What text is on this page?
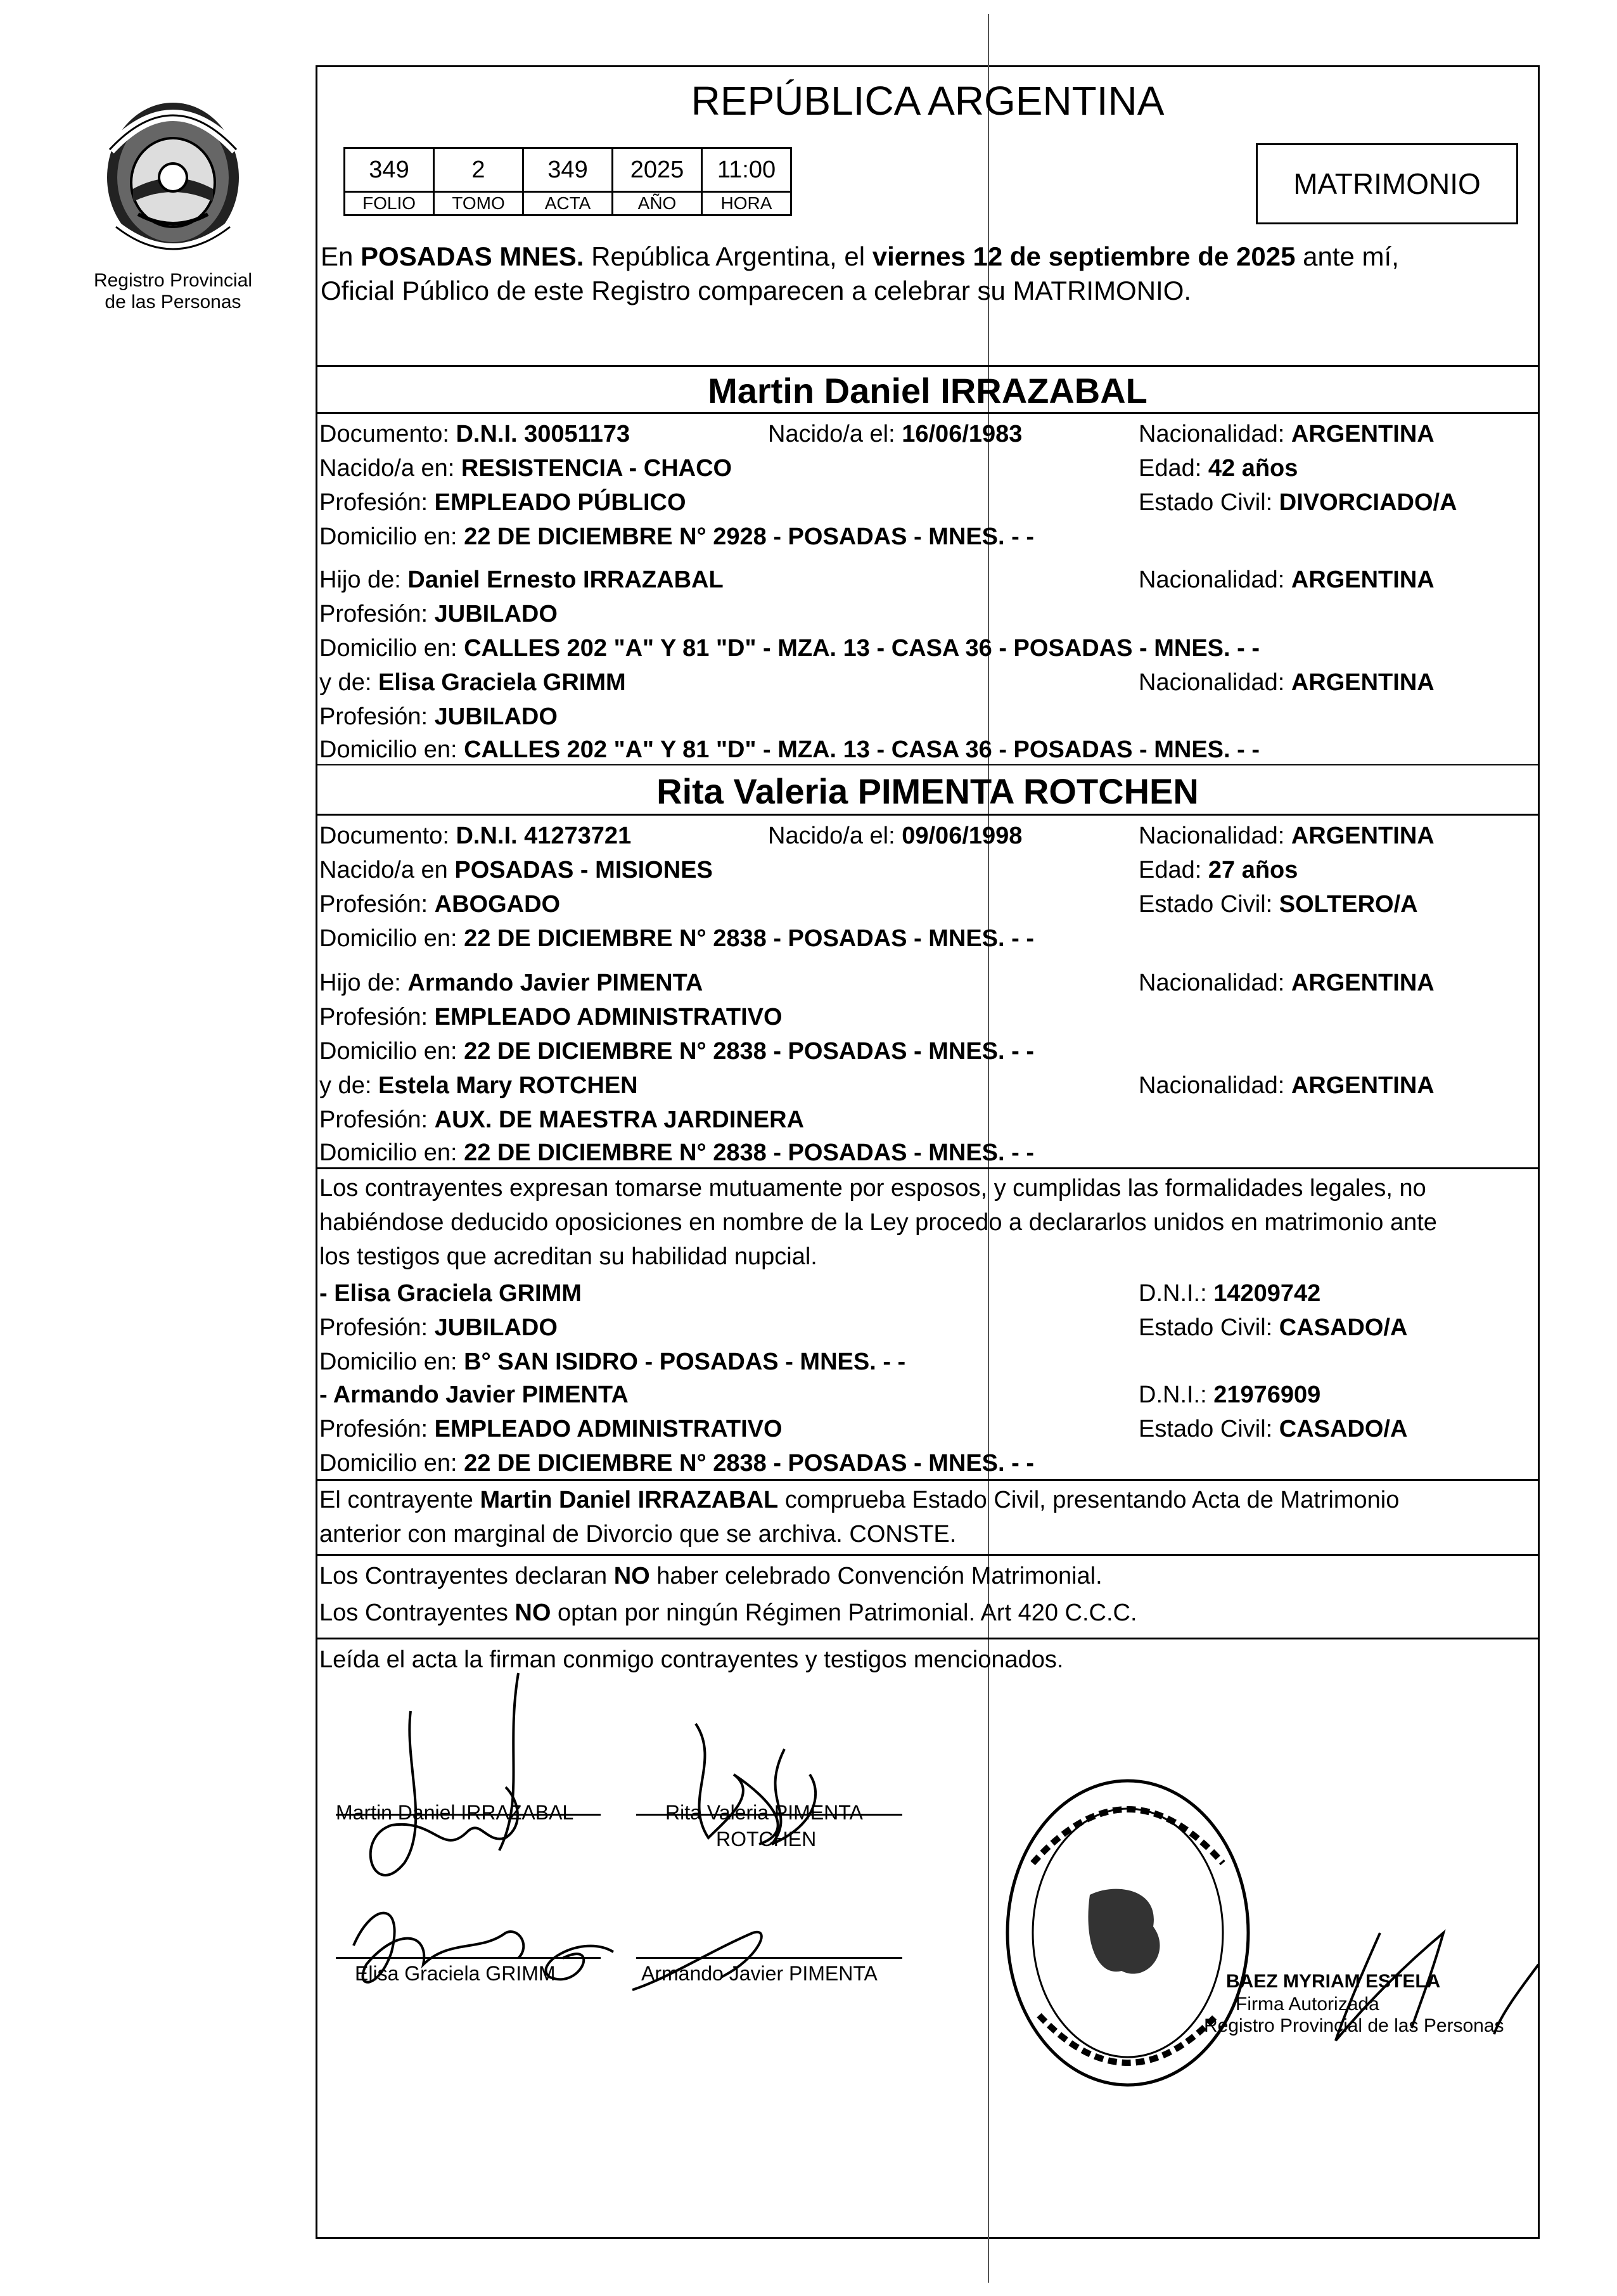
Registro Provincial
de las Personas
REPÚBLICA ARGENTINA
349	2	349	2025	11:00
FOLIO	TOMO	ACTA	AÑO	HORA
MATRIMONIO
En POSADAS MNES. República Argentina, el viernes 12 de septiembre de 2025 ante mí,
Oficial Público de este Registro comparecen a celebrar su MATRIMONIO.
Martin Daniel IRRAZABAL
Documento: D.N.I. 30051173	Nacido/a el: 16/06/1983	Nacionalidad: ARGENTINA
Nacido/a en: RESISTENCIA - CHACO	Edad: 42 años
Profesión: EMPLEADO PÚBLICO	Estado Civil: DIVORCIADO/A
Domicilio en: 22 DE DICIEMBRE N° 2928 - POSADAS - MNES. - -
Hijo de: Daniel Ernesto IRRAZABAL	Nacionalidad: ARGENTINA
Profesión: JUBILADO
Domicilio en: CALLES 202 "A" Y 81 "D" - MZA. 13 - CASA 36 - POSADAS - MNES. - -
y de: Elisa Graciela GRIMM	Nacionalidad: ARGENTINA
Profesión: JUBILADO
Domicilio en: CALLES 202 "A" Y 81 "D" - MZA. 13 - CASA 36 - POSADAS - MNES. - -
Rita Valeria PIMENTA ROTCHEN
Documento: D.N.I. 41273721	Nacido/a el: 09/06/1998	Nacionalidad: ARGENTINA
Nacido/a en POSADAS - MISIONES	Edad: 27 años
Profesión: ABOGADO	Estado Civil: SOLTERO/A
Domicilio en: 22 DE DICIEMBRE N° 2838 - POSADAS - MNES. - -
Hijo de: Armando Javier PIMENTA	Nacionalidad: ARGENTINA
Profesión: EMPLEADO ADMINISTRATIVO
Domicilio en: 22 DE DICIEMBRE N° 2838 - POSADAS - MNES. - -
y de: Estela Mary ROTCHEN	Nacionalidad: ARGENTINA
Profesión: AUX. DE MAESTRA JARDINERA
Domicilio en: 22 DE DICIEMBRE N° 2838 - POSADAS - MNES. - -
Los contrayentes expresan tomarse mutuamente por esposos, y cumplidas las formalidades legales, no
habiéndose deducido oposiciones en nombre de la Ley procedo a declararlos unidos en matrimonio ante
los testigos que acreditan su habilidad nupcial.
- Elisa Graciela GRIMM	D.N.I.: 14209742
Profesión: JUBILADO	Estado Civil: CASADO/A
Domicilio en: B° SAN ISIDRO - POSADAS - MNES. - -
- Armando Javier PIMENTA	D.N.I.: 21976909
Profesión: EMPLEADO ADMINISTRATIVO	Estado Civil: CASADO/A
Domicilio en: 22 DE DICIEMBRE N° 2838 - POSADAS - MNES. - -
El contrayente Martin Daniel IRRAZABAL comprueba Estado Civil, presentando Acta de Matrimonio
anterior con marginal de Divorcio que se archiva. CONSTE.
Los Contrayentes declaran NO haber celebrado Convención Matrimonial.
Los Contrayentes NO optan por ningún Régimen Patrimonial. Art 420 C.C.C.
Leída el acta la firman conmigo contrayentes y testigos mencionados.
Martin Daniel IRRAZABAL	Rita Valeria PIMENTA
ROTCHEN
Elisa Graciela GRIMM	Armando Javier PIMENTA	BAEZ MYRIAM ESTELA
Firma Autorizada
Registro Provincial de las Personas
